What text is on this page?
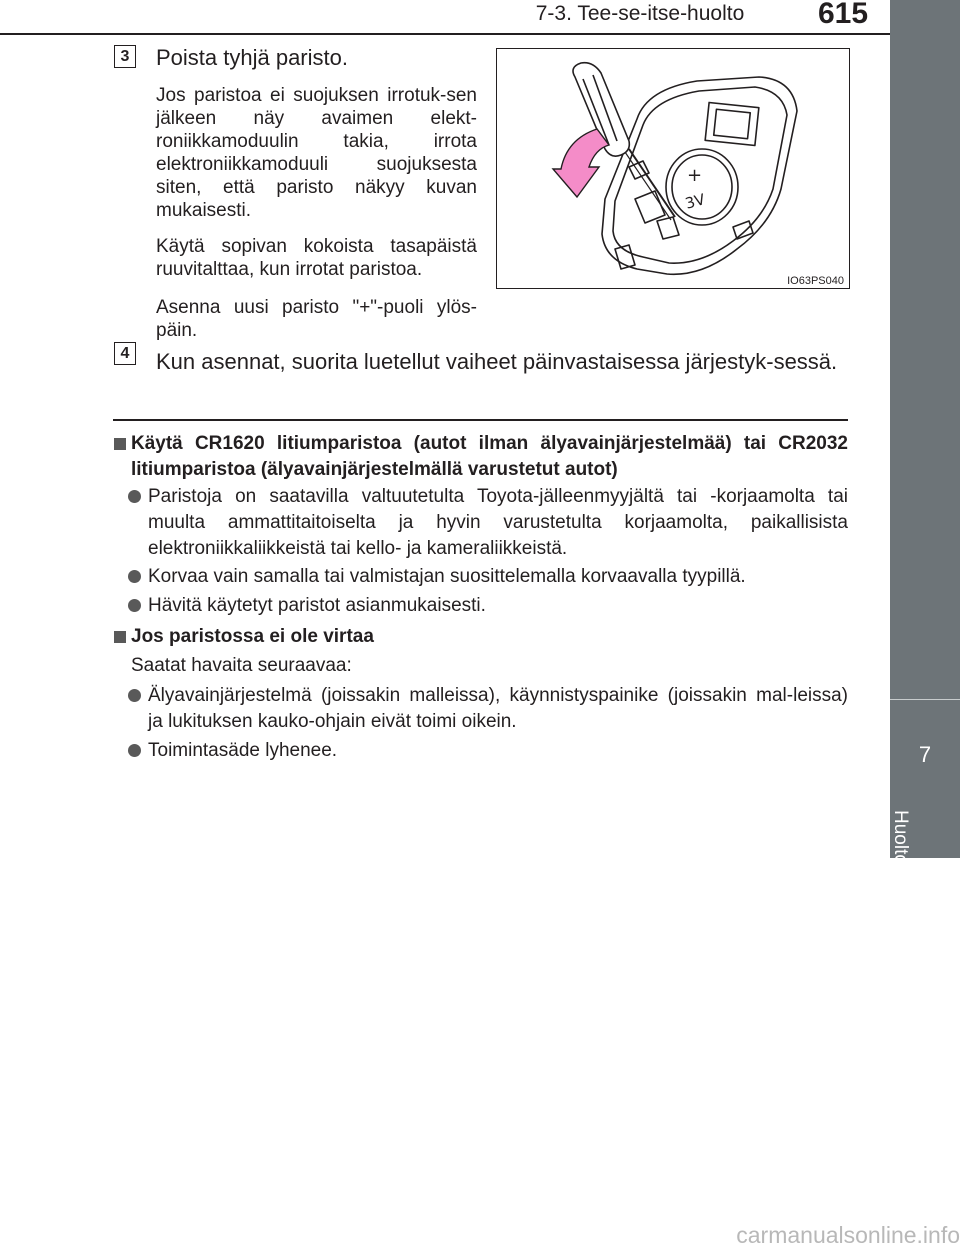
7-3. Tee-se-itse-huolto	615
7
Huolto ja hoito
3 Poista tyhjä paristo.
Jos paristoa ei suojuksen irrotuk-sen jälkeen näy avaimen elekt-roniikkamoduulin takia, irrota elektroniikkamoduuli suojuksesta siten, että paristo näkyy kuvan mukaisesti.
Käytä sopivan kokoista tasapäistä ruuvitalttaa, kun irrotat paristoa.
Asenna uusi paristo "+"-puoli ylös-päin.
+
3V
IO63PS040
4 Kun asennat, suorita luetellut vaiheet päinvastaisessa järjestyk-sessä.
Käytä CR1620 litiumparistoa (autot ilman älyavainjärjestelmää) tai CR2032 litiumparistoa (älyavainjärjestelmällä varustetut autot)
Paristoja on saatavilla valtuutetulta Toyota-jälleenmyyjältä tai -korjaamolta tai muulta ammattitaitoiselta ja hyvin varustetulta korjaamolta, paikallisista elektroniikkaliikkeistä tai kello- ja kameraliikkeistä.
Korvaa vain samalla tai valmistajan suosittelemalla korvaavalla tyypillä.
Hävitä käytetyt paristot asianmukaisesti.
Jos paristossa ei ole virtaa
Saatat havaita seuraavaa:
Älyavainjärjestelmä (joissakin malleissa), käynnistyspainike (joissakin mal-leissa) ja lukituksen kauko-ohjain eivät toimi oikein.
Toimintasäde lyhenee.
carmanualsonline.info
